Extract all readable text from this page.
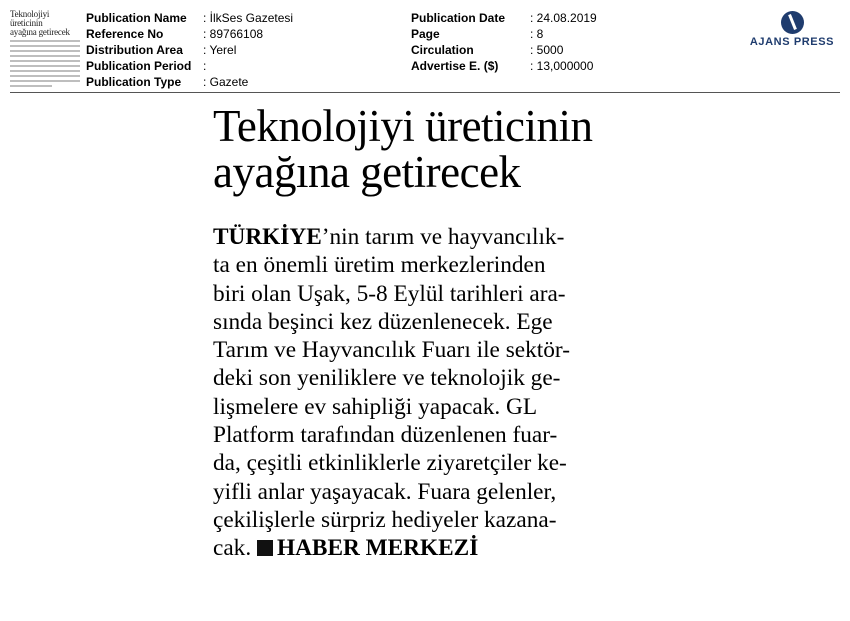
Teknolojiyi üreticinin
ayağına getirecek
Publication Name
Reference No
Distribution Area
Publication Period
Publication Type
: İlkSes Gazetesi
: 89766108
: Yerel
:
: Gazete
Publication Date
Page
Circulation
Advertise E. ($)
: 24.08.2019
: 8
: 5000
: 13,000000
AJANS PRESS
Teknolojiyi üreticinin
ayağına getirecek
TÜRKİYE’nin tarım ve hayvancılık-
ta en önemli üretim merkezlerinden
biri olan Uşak, 5-8 Eylül tarihleri ara-
sında beşinci kez düzenlenecek. Ege
Tarım ve Hayvancılık Fuarı ile sektör-
deki son yeniliklere ve teknolojik ge-
lişmelere ev sahipliği yapacak. GL
Platform tarafından düzenlenen fuar-
da, çeşitli etkinliklerle ziyaretçiler ke-
yifli anlar yaşayacak. Fuara gelenler,
çekilişlerle sürpriz hediyeler kazana-
cak. HABER MERKEZİ
